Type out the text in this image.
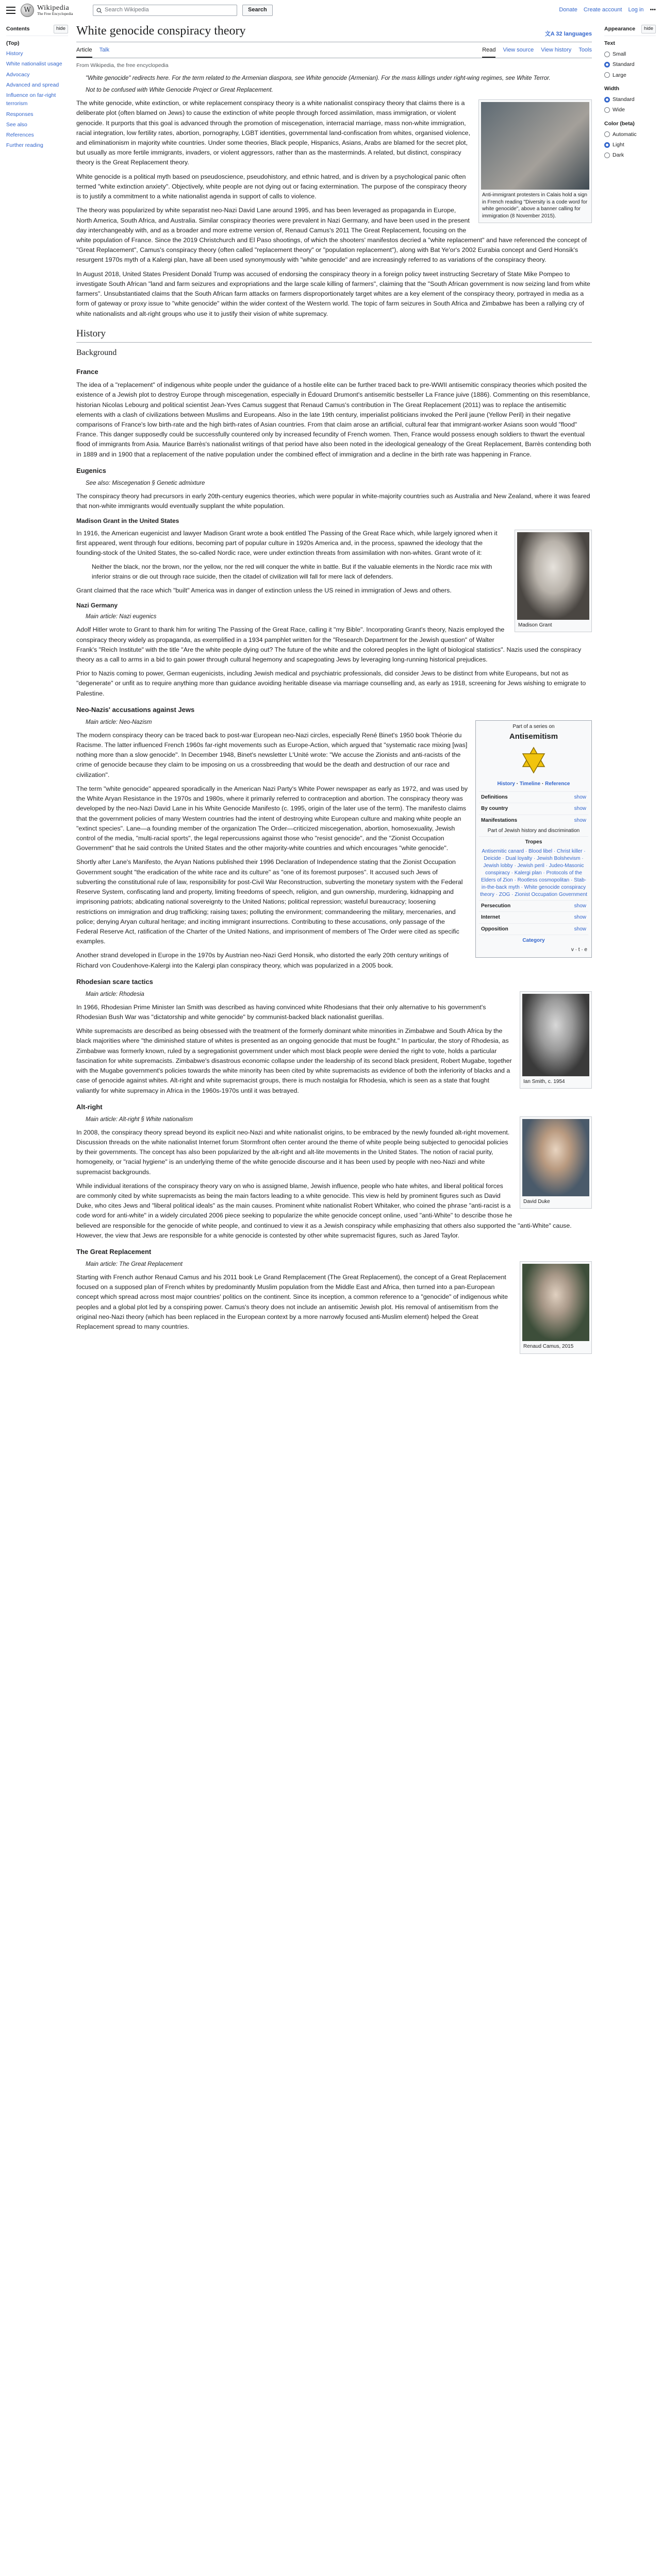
W Wikipedia
The Free Encyclopedia
Search Wikipedia	Search	Donate Create account Log in •••
Contents	hide
(Top)
History
White nationalist usage
Advocacy
Advanced and spread
Influence on far-right terrorism
Responses
See also
References
Further reading
White genocide conspiracy theory	文A 32 languages
Article Talk	Read View source View history Tools
From Wikipedia, the free encyclopedia
"White genocide" redirects here. For the term related to the Armenian diaspora, see White genocide (Armenian). For the mass killings under right-wing regimes, see White Terror.
Not to be confused with White Genocide Project or Great Replacement.
Anti-immigrant protesters in Calais hold a sign in French reading "Diversity is a code word for white genocide", above a banner calling for immigration (8 November 2015).

The white genocide, white extinction, or white replacement conspiracy theory is a white nationalist conspiracy theory that claims there is a deliberate plot (often blamed on Jews) to cause the extinction of white people through forced assimilation, mass immigration, or violent genocide. It purports that this goal is advanced through the promotion of miscegenation, interracial marriage, mass non-white immigration, racial integration, low fertility rates, abortion, pornography, LGBT identities, governmental land-confiscation from whites, organised violence, and eliminationism in majority white countries. Under some theories, Black people, Hispanics, Asians, Arabs are blamed for the secret plot, but usually as more fertile immigrants, invaders, or violent aggressors, rather than as the masterminds. A related, but distinct, conspiracy theory is the Great Replacement theory.

White genocide is a political myth based on pseudoscience, pseudohistory, and ethnic hatred, and is driven by a psychological panic often termed "white extinction anxiety". Objectively, white people are not dying out or facing extermination. The purpose of the conspiracy theory is to justify a commitment to a white nationalist agenda in support of calls to violence.

The theory was popularized by white separatist neo-Nazi David Lane around 1995, and has been leveraged as propaganda in Europe, North America, South Africa, and Australia. Similar conspiracy theories were prevalent in Nazi Germany, and have been used in the present day interchangeably with, and as a broader and more extreme version of, Renaud Camus's 2011 The Great Replacement, focusing on the white population of France. Since the 2019 Christchurch and El Paso shootings, of which the shooters' manifestos decried a "white replacement" and have referenced the concept of "Great Replacement", Camus's conspiracy theory (often called "replacement theory" or "population replacement"), along with Bat Ye'or's 2002 Eurabia concept and Gerd Honsik's resurgent 1970s myth of a Kalergi plan, have all been used synonymously with "white genocide" and are increasingly referred to as variations of the conspiracy theory.

In August 2018, United States President Donald Trump was accused of endorsing the conspiracy theory in a foreign policy tweet instructing Secretary of State Mike Pompeo to investigate South African "land and farm seizures and expropriations and the large scale killing of farmers", claiming that the "South African government is now seizing land from white farmers". Unsubstantiated claims that the South African farm attacks on farmers disproportionately target whites are a key element of the conspiracy theory, portrayed in media as a form of gateway or proxy issue to "white genocide" within the wider context of the Western world. The topic of farm seizures in South Africa and Zimbabwe has been a rallying cry of white nationalists and alt-right groups who use it to justify their vision of white supremacy.

History
Background
France

The idea of a "replacement" of indigenous white people under the guidance of a hostile elite can be further traced back to pre-WWII antisemitic conspiracy theories which posited the existence of a Jewish plot to destroy Europe through miscegenation, especially in Édouard Drumont's antisemitic bestseller La France juive (1886). Commenting on this resemblance, historian Nicolas Lebourg and political scientist Jean-Yves Camus suggest that Renaud Camus's contribution in The Great Replacement (2011) was to replace the antisemitic elements with a clash of civilizations between Muslims and Europeans. Also in the late 19th century, imperialist politicians invoked the Peril jaune (Yellow Peril) in their negative comparisons of France's low birth-rate and the high birth-rates of Asian countries. From that claim arose an artificial, cultural fear that immigrant-worker Asians soon would "flood" France. This danger supposedly could be successfully countered only by increased fecundity of French women. Then, France would possess enough soldiers to thwart the eventual flood of immigrants from Asia. Maurice Barrès's nationalist writings of that period have also been noted in the ideological genealogy of the Great Replacement, Barrès contending both in 1889 and in 1900 that a replacement of the native population under the combined effect of immigration and a decline in the birth rate was happening in France.

Eugenics
See also: Miscegenation § Genetic admixture

The conspiracy theory had precursors in early 20th-century eugenics theories, which were popular in white-majority countries such as Australia and New Zealand, where it was feared that non-white immigrants would eventually supplant the white population.

Madison Grant in the United States
Madison Grant

In 1916, the American eugenicist and lawyer Madison Grant wrote a book entitled The Passing of the Great Race which, while largely ignored when it first appeared, went through four editions, becoming part of popular culture in 1920s America and, in the process, spawned the ideology that the founding-stock of the United States, the so-called Nordic race, were under extinction threats from assimilation with non-whites. Grant wrote of it:

Neither the black, nor the brown, nor the yellow, nor the red will conquer the white in battle. But if the valuable elements in the Nordic race mix with inferior strains or die out through race suicide, then the citadel of civilization will fall for mere lack of defenders.

Grant claimed that the race which "built" America was in danger of extinction unless the US reined in immigration of Jews and others.

Nazi Germany
Main article: Nazi eugenics

Adolf Hitler wrote to Grant to thank him for writing The Passing of the Great Race, calling it "my Bible". Incorporating Grant's theory, Nazis employed the conspiracy theory widely as propaganda, as exemplified in a 1934 pamphlet written for the "Research Department for the Jewish question" of Walter Frank's "Reich Institute" with the title "Are the white people dying out? The future of the white and the colored peoples in the light of biological statistics". Nazis used the conspiracy theory as a call to arms in a bid to gain power through cultural hegemony and scapegoating Jews by leveraging long-running historical prejudices.

Prior to Nazis coming to power, German eugenicists, including Jewish medical and psychiatric professionals, did consider Jews to be distinct from white Europeans, but not as "degenerate" or unfit as to require anything more than guidance avoiding heritable disease via marriage counselling and, as early as 1918, screening for Jews wishing to emigrate to Palestine.

Neo-Nazis' accusations against Jews
Part of a series on
Antisemitism
History · Timeline · Reference
Definitions	show
By country	show
Manifestations	show
Part of Jewish history and discrimination
Tropes
Antisemitic canard · Blood libel · Christ killer · Deicide · Dual loyalty · Jewish Bolshevism · Jewish lobby · Jewish peril · Judeo-Masonic conspiracy · Kalergi plan · Protocols of the Elders of Zion · Rootless cosmopolitan · Stab-in-the-back myth · White genocide conspiracy theory · ZOG · Zionist Occupation Government
Persecution	show
Internet	show
Opposition	show
Category
v · t · e
Main article: Neo-Nazism

The modern conspiracy theory can be traced back to post-war European neo-Nazi circles, especially René Binet's 1950 book Théorie du Racisme. The latter influenced French 1960s far-right movements such as Europe-Action, which argued that "systematic race mixing [was] nothing more than a slow genocide". In December 1948, Binet's newsletter L'Unité wrote: "We accuse the Zionists and anti-racists of the crime of genocide because they claim to be imposing on us a crossbreeding that would be the death and destruction of our race and civilization".

The term "white genocide" appeared sporadically in the American Nazi Party's White Power newspaper as early as 1972, and was used by the White Aryan Resistance in the 1970s and 1980s, where it primarily referred to contraception and abortion. The conspiracy theory was developed by the neo-Nazi David Lane in his White Genocide Manifesto (c. 1995, origin of the later use of the term). The manifesto claims that the government policies of many Western countries had the intent of destroying white European culture and making white people an "extinct species". Lane—a founding member of the organization The Order—criticized miscegenation, abortion, homosexuality, Jewish control of the media, "multi-racial sports", the legal repercussions against those who "resist genocide", and the "Zionist Occupation Government" that he said controls the United States and the other majority-white countries and which encourages "white genocide".

Shortly after Lane's Manifesto, the Aryan Nations published their 1996 Declaration of Independence stating that the Zionist Occupation Government sought "the eradication of the white race and its culture" as "one of its foremost purposes". It accused such Jews of subverting the constitutional rule of law, responsibility for post-Civil War Reconstruction, subverting the monetary system with the Federal Reserve System, confiscating land and property, limiting freedoms of speech, religion, and gun ownership, murdering, kidnapping and imprisoning patriots; abdicating national sovereignty to the United Nations; political repression; wasteful bureaucracy; loosening restrictions on immigration and drug trafficking; raising taxes; polluting the environment; commandeering the military, mercenaries, and police; denying Aryan cultural heritage; and inciting immigrant insurrections. Contributing to these accusations, only passage of the Federal Reserve Act, ratification of the Charter of the United Nations, and imprisonment of members of The Order were cited as specific examples.

Another strand developed in Europe in the 1970s by Austrian neo-Nazi Gerd Honsik, who distorted the early 20th century writings of Richard von Coudenhove-Kalergi into the Kalergi plan conspiracy theory, which was popularized in a 2005 book.

Rhodesian scare tactics
Ian Smith, c. 1954
Main article: Rhodesia

In 1966, Rhodesian Prime Minister Ian Smith was described as having convinced white Rhodesians that their only alternative to his government's Rhodesian Bush War was "dictatorship and white genocide" by communist-backed black nationalist guerillas.

White supremacists are described as being obsessed with the treatment of the formerly dominant white minorities in Zimbabwe and South Africa by the black majorities where "the diminished stature of whites is presented as an ongoing genocide that must be fought." In particular, the story of Rhodesia, as Zimbabwe was formerly known, ruled by a segregationist government under which most black people were denied the right to vote, holds a particular fascination for white supremacists. Zimbabwe's disastrous economic collapse under the leadership of its second black president, Robert Mugabe, together with the Mugabe government's policies towards the white minority has been cited by white supremacists as evidence of both the inferiority of blacks and a case of genocide against whites. Alt-right and white supremacist groups, there is much nostalgia for Rhodesia, which is seen as a state that fought valiantly for white supremacy in Africa in the 1960s-1970s until it was betrayed.

Alt-right
David Duke
Main article: Alt-right § White nationalism

In 2008, the conspiracy theory spread beyond its explicit neo-Nazi and white nationalist origins, to be embraced by the newly founded alt-right movement. Discussion threads on the white nationalist Internet forum Stormfront often center around the theme of white people being subjected to genocidal policies by their governments. The concept has also been popularized by the alt-right and alt-lite movements in the United States. The notion of racial purity, homogeneity, or "racial hygiene" is an underlying theme of the white genocide discourse and it has been used by people with neo-Nazi and white supremacist backgrounds.

While individual iterations of the conspiracy theory vary on who is assigned blame, Jewish influence, people who hate whites, and liberal political forces are commonly cited by white supremacists as being the main factors leading to a white genocide. This view is held by prominent figures such as David Duke, who cites Jews and "liberal political ideals" as the main causes. Prominent white nationalist Robert Whitaker, who coined the phrase "anti-racist is a code word for anti-white" in a widely circulated 2006 piece seeking to popularize the white genocide concept online, used "anti-White" to describe those he believed are responsible for the genocide of white people, and continued to view it as a Jewish conspiracy while emphasizing that others also supported the "anti-White" cause. However, the view that Jews are responsible for a white genocide is contested by other white supremacist figures, such as Jared Taylor.

The Great Replacement
Renaud Camus, 2015
Main article: The Great Replacement

Starting with French author Renaud Camus and his 2011 book Le Grand Remplacement (The Great Replacement), the concept of a Great Replacement focused on a supposed plan of French whites by predominantly Muslim population from the Middle East and Africa, then turned into a pan-European concept which spread across most major countries' politics on the continent. Since its inception, a common reference to a "genocide" of indigenous white peoples and a global plot led by a conspiring power. Camus's theory does not include an antisemitic Jewish plot. His removal of antisemitism from the original neo-Nazi theory (which has been replaced in the European context by a more narrowly focused anti-Muslim element) helped the Great Replacement spread to many countries.

Appearance	hide
Text
Small
Standard
Large
Width
Standard
Wide
Color (beta)
Automatic
Light
Dark
